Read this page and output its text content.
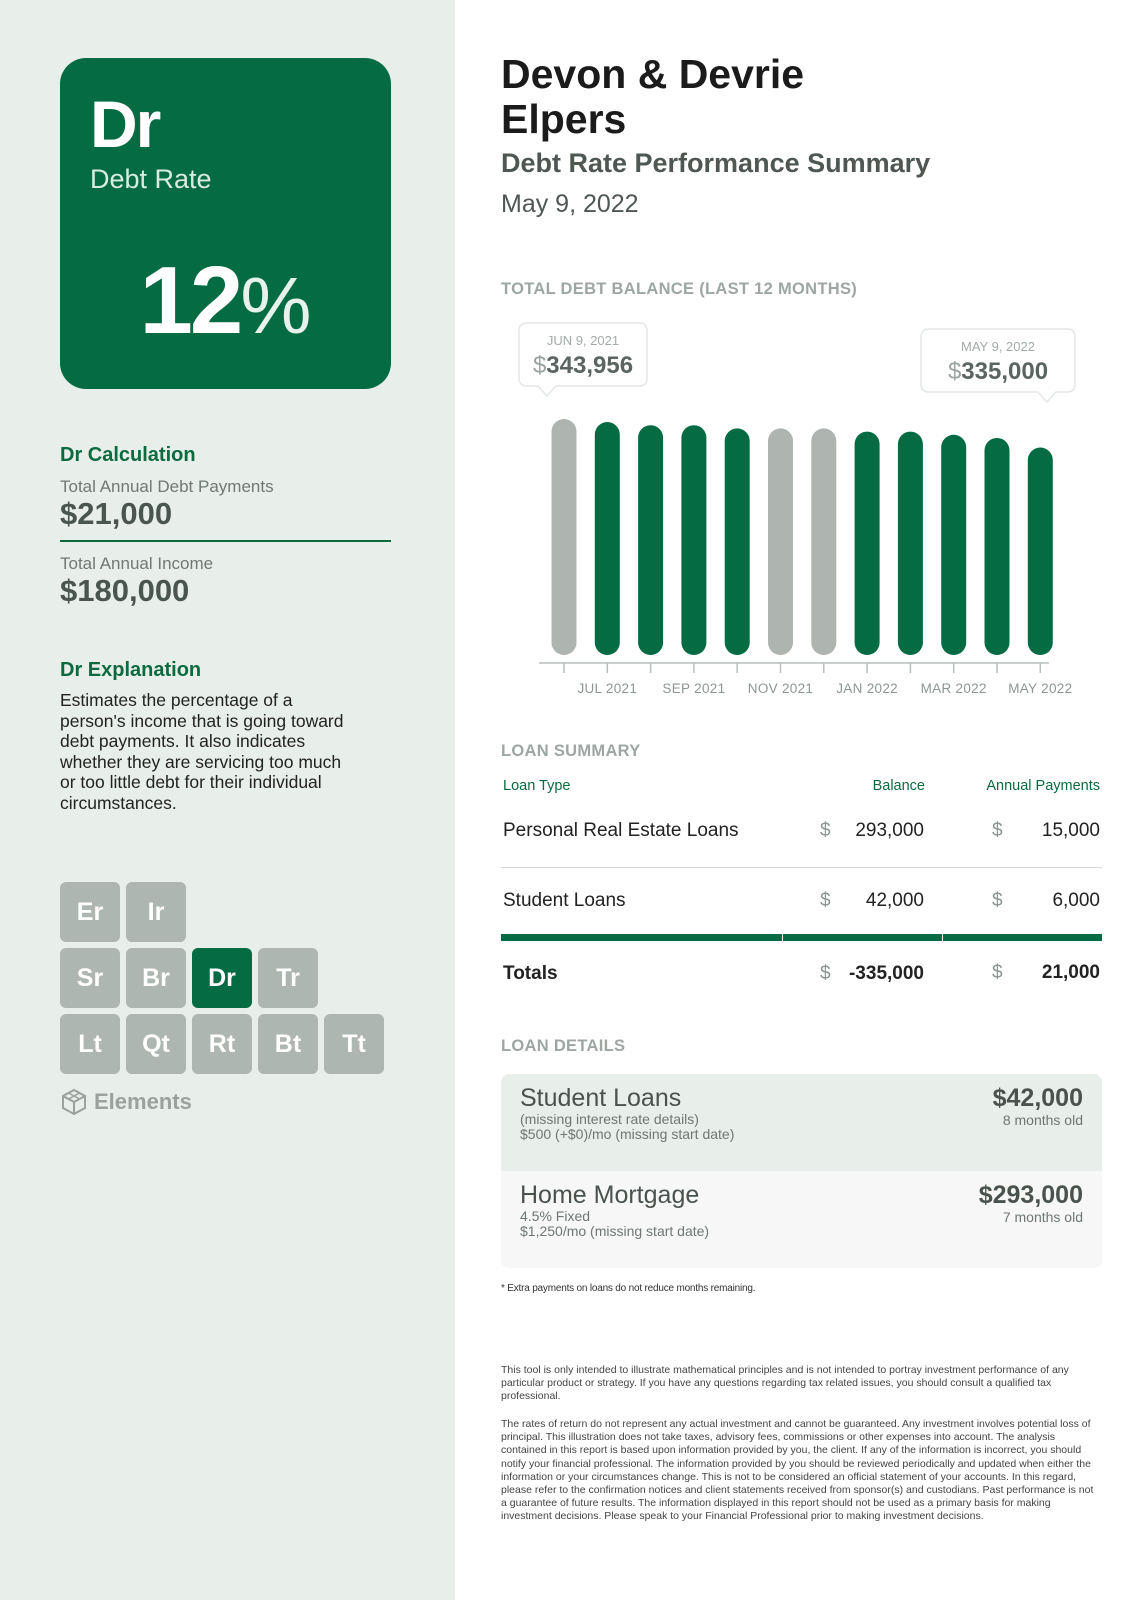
Dr
Debt Rate
12%
Dr Calculation
Total Annual Debt Payments
$21,000
Total Annual Income
$180,000
Dr Explanation
Estimates the percentage of a person's income that is going toward debt payments. It also indicates whether they are servicing too much or too little debt for their individual circumstances.
Er	Ir
Sr	Br	Dr	Tr
Lt	Qt	Rt	Bt	Tt
Elements
Devon & Devrie Elpers
Debt Rate Performance Summary
May 9, 2022
TOTAL DEBT BALANCE (LAST 12 MONTHS)
JUL 2021 SEP 2021 NOV 2021 JAN 2022 MAR 2022 MAY 2022
JUN 9, 2021
$343,956
MAY 9, 2022
$335,000
LOAN SUMMARY
Loan Type	Balance	Annual Payments
Personal Real Estate Loans	$ 293,000	$ 15,000
Student Loans	$ 42,000	$	6,000
Totals	$ -335,000	$ 21,000
LOAN DETAILS
Student Loans
(missing interest rate details)
$500 (+$0)/mo (missing start date)
$42,000
8 months old
Home Mortgage
4.5% Fixed
$1,250/mo (missing start date)
$293,000
7 months old
* Extra payments on loans do not reduce months remaining.
This tool is only intended to illustrate mathematical principles and is not intended to portray investment performance of any particular product or strategy. If you have any questions regarding tax related issues, you should consult a qualified tax professional.
The rates of return do not represent any actual investment and cannot be guaranteed. Any investment involves potential loss of principal. This illustration does not take taxes, advisory fees, commissions or other expenses into account. The analysis contained in this report is based upon information provided by you, the client. If any of the information is incorrect, you should notify your financial professional. The information provided by you should be reviewed periodically and updated when either the information or your circumstances change. This is not to be considered an official statement of your accounts. In this regard, please refer to the confirmation notices and client statements received from sponsor(s) and custodians. Past performance is not a guarantee of future results. The information displayed in this report should not be used as a primary basis for making investment decisions. Please speak to your Financial Professional prior to making investment decisions.
